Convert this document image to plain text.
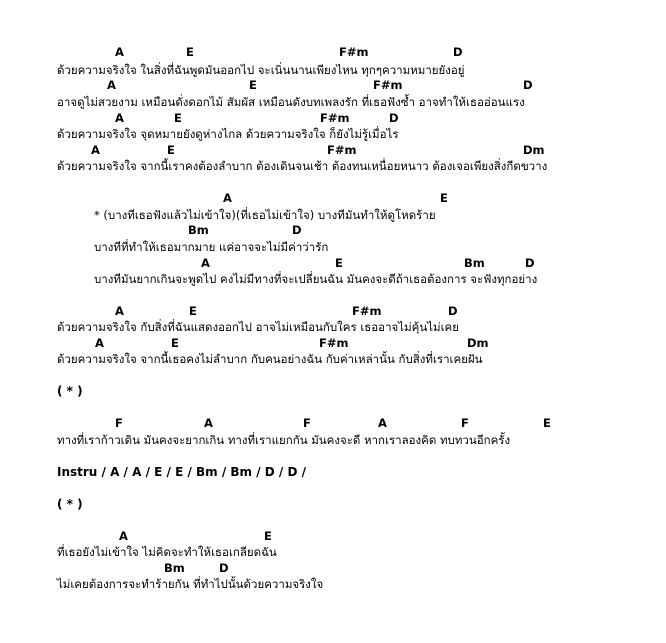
A	E	F#m	D
ด้วยความจริงใจ ในสิ่งที่ฉันพูดมันออกไป จะเนิ่นนานเพียงไหน ทุกๆความหมายยังอยู่
A	E	F#m	D
อาจดูไม่สวยงาม เหมือนดั่งดอกไม้ สัมผัส เหมือนดังบทเพลงรัก ที่เธอฟังซ้ำ อาจทำให้เธออ่อนแรง
A	E	F#m	D
ด้วยความจริงใจ จุดหมายยังดูห่างไกล ด้วยความจริงใจ ก็ยังไม่รู้เมื่อไร
A	E	F#m	Dm
ด้วยความจริงใจ จากนี้เราคงต้องลำบาก ต้องเดินจนเช้า ต้องทนเหนื่อยหนาว ต้องเจอเพียงสิ่งกีดขวาง
A	E
* (บางทีเธอฟังแล้วไม่เข้าใจ)(ที่เธอไม่เข้าใจ) บางทีมันทำให้ดูโหดร้าย
Bm	D
บางทีที่ทำให้เธอมากมาย แค่อาจจะไม่มีค่าว่ารัก
A	E	Bm	D
บางทีมันยากเกินจะพูดไป คงไม่มีทางที่จะเปลี่ยนฉัน มันคงจะดีถ้าเธอต้องการ จะฟังทุกอย่าง
A	E	F#m	D
ด้วยความจริงใจ กับสิ่งที่ฉันแสดงออกไป อาจไม่เหมือนกับใคร เธออาจไม่คุ้นไม่เคย
A	E	F#m	Dm
ด้วยความจริงใจ จากนี้เธอคงไม่ลำบาก กับคนอย่างฉัน กับค่าเหล่านั้น กับสิ่งที่เราเคยฝัน
( * )
F	A	F	A	F	E
ทางที่เราก้าวเดิน มันคงจะยากเกิน ทางที่เราแยกกัน มันคงจะดี หากเราลองคิด ทบทวนอีกครั้ง
Instru / A / A / E / E / Bm / Bm / D / D /
( * )
A	E
ที่เธอยังไม่เข้าใจ ไม่คิดจะทำให้เธอเกลียดฉัน
Bm	D
ไม่เคยต้องการจะทำร้ายกัน ที่ทำไปนั้นด้วยความจริงใจ
